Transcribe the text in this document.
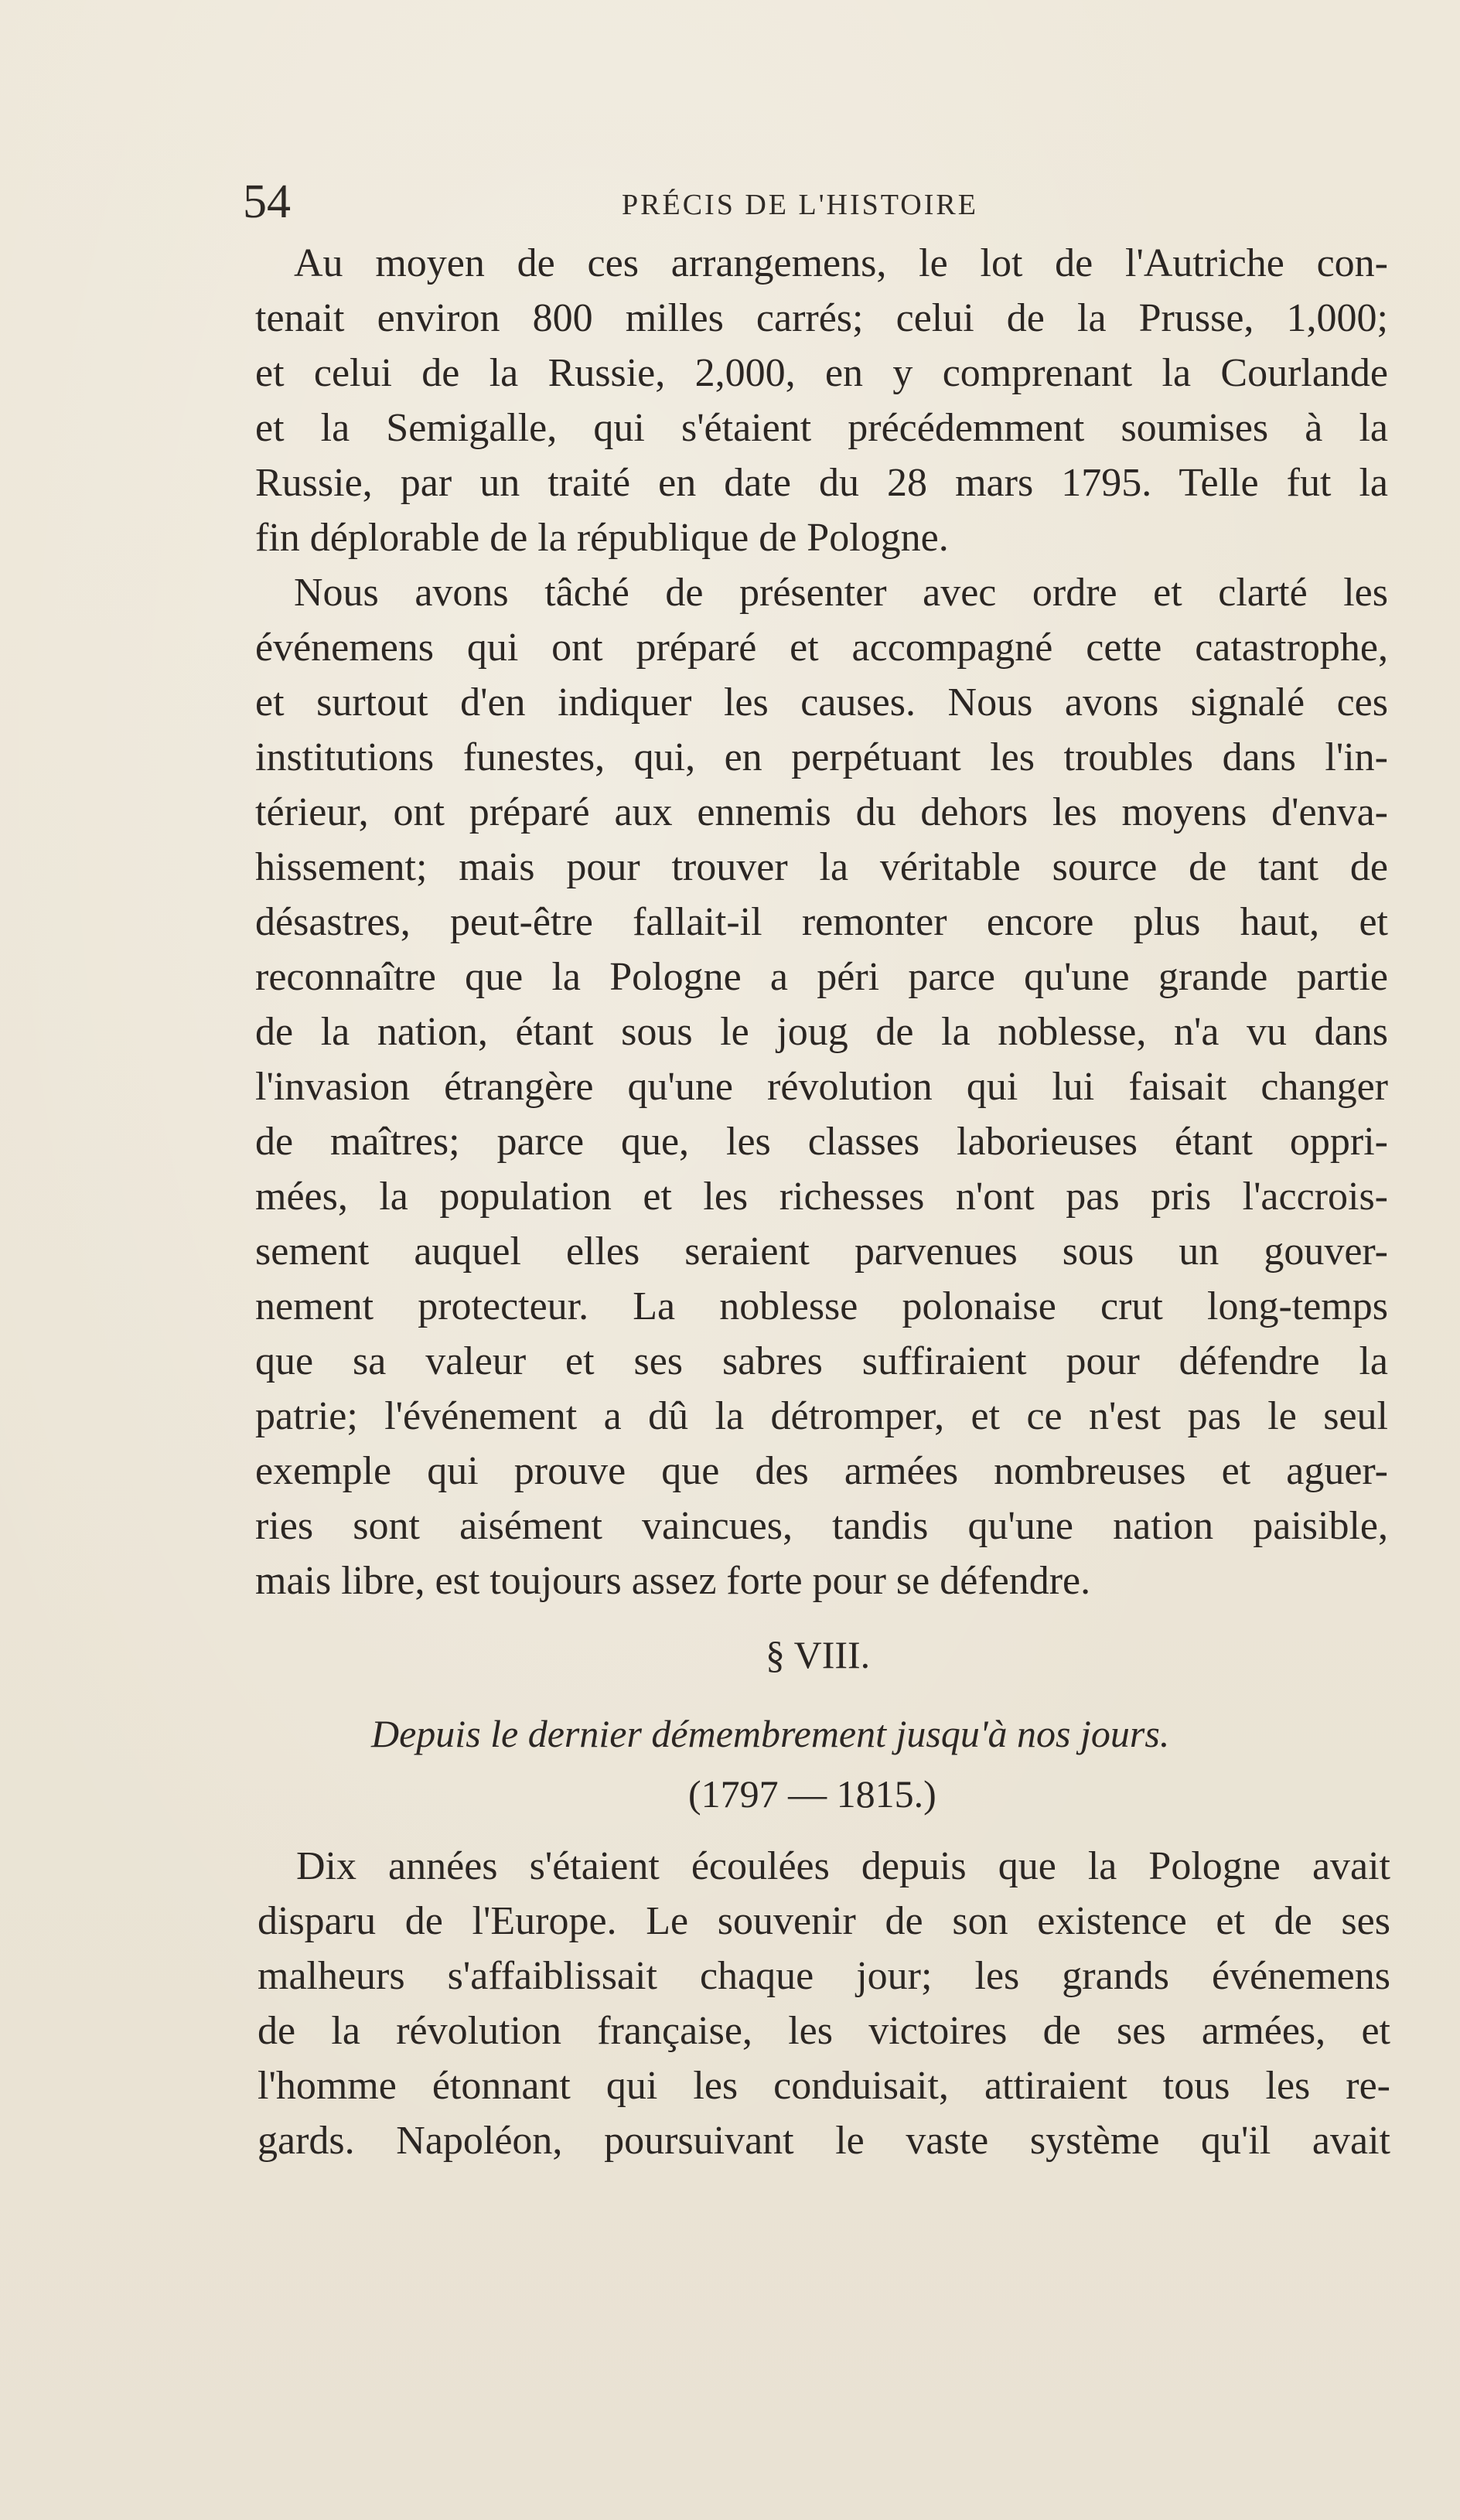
54	PRÉCIS DE L'HISTOIRE
Au moyen de ces arrangemens, le lot de l'Autriche con-
tenait environ 800 milles carrés; celui de la Prusse, 1,000;
et celui de la Russie, 2,000, en y comprenant la Courlande
et la Semigalle, qui s'étaient précédemment soumises à la
Russie, par un traité en date du 28 mars 1795. Telle fut la
fin déplorable de la république de Pologne.
Nous avons tâché de présenter avec ordre et clarté les
événemens qui ont préparé et accompagné cette catastrophe,
et surtout d'en indiquer les causes. Nous avons signalé ces
institutions funestes, qui, en perpétuant les troubles dans l'in-
térieur, ont préparé aux ennemis du dehors les moyens d'enva-
hissement; mais pour trouver la véritable source de tant de
désastres, peut-être fallait-il remonter encore plus haut, et
reconnaître que la Pologne a péri parce qu'une grande partie
de la nation, étant sous le joug de la noblesse, n'a vu dans
l'invasion étrangère qu'une révolution qui lui faisait changer
de maîtres; parce que, les classes laborieuses étant oppri-
mées, la population et les richesses n'ont pas pris l'accrois-
sement auquel elles seraient parvenues sous un gouver-
nement protecteur. La noblesse polonaise crut long-temps
que sa valeur et ses sabres suffiraient pour défendre la
patrie; l'événement a dû la détromper, et ce n'est pas le seul
exemple qui prouve que des armées nombreuses et aguer-
ries sont aisément vaincues, tandis qu'une nation paisible,
mais libre, est toujours assez forte pour se défendre.
§ VIII.
Depuis le dernier démembrement jusqu'à nos jours.
(1797 — 1815.)
Dix années s'étaient écoulées depuis que la Pologne avait
disparu de l'Europe. Le souvenir de son existence et de ses
malheurs s'affaiblissait chaque jour; les grands événemens
de la révolution française, les victoires de ses armées, et
l'homme étonnant qui les conduisait, attiraient tous les re-
gards. Napoléon, poursuivant le vaste système qu'il avait
